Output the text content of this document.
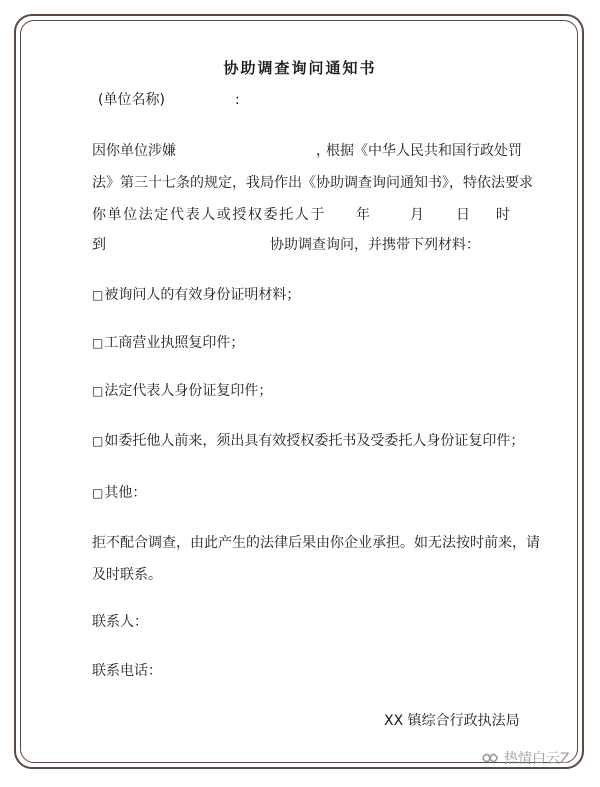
协助调查询问通知书
(单位名称)　　　　　:
因你单位涉嫌	，
根据《中华人民共和国行政处罚
法》第三十七条的规定，我局作出《协助调查询问通知书》，特依法要求
你单位法定代表人或授权委托人于 年	月 日 时
到	协助调查询问，并携带下列材料：
□被询问人的有效身份证明材料；
□工商营业执照复印件；
□法定代表人身份证复印件；
□如委托他人前来，须出具有效授权委托书及受委托人身份证复印件；
□其他：
拒不配合调查，由此产生的法律后果由你企业承担。如无法按时前来，请
及时联系。
联系人：
联系电话：
XX 镇综合行政执法局
热情白云Z
